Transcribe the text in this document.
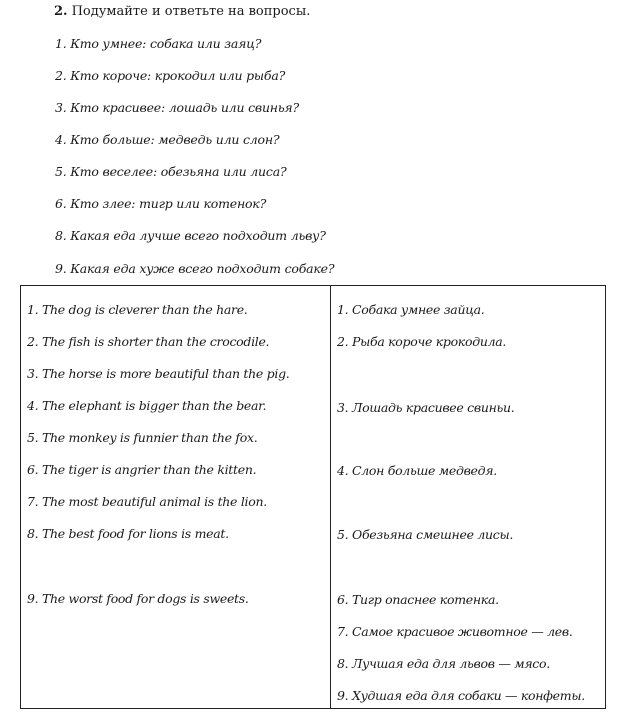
2. Подумайте и ответьте на вопросы.
1. Кто умнее: собака или заяц?
2. Кто короче: крокодил или рыба?
3. Кто красивее: лошадь или свинья?
4. Кто больше: медведь или слон?
5. Кто веселее: обезьяна или лиса?
6. Кто злее: тигр или котенок?
8. Какая еда лучше всего подходит льву?
9. Какая еда хуже всего подходит собаке?
1. The dog is cleverer than the hare.
2. The fish is shorter than the crocodile.
3. The horse is more beautiful than the pig.
4. The elephant is bigger than the bear.
5. The monkey is funnier than the fox.
6. The tiger is angrier than the kitten.
7. The most beautiful animal is the lion.
8. The best food for lions is meat.
9. The worst food for dogs is sweets.
1. Собака умнее зайца.
2. Рыба короче крокодила.
3. Лошадь красивее свиньи.
4. Слон больше медведя.
5. Обезьяна смешнее лисы.
6. Тигр опаснее котенка.
7. Самое красивое животное — лев.
8. Лучшая еда для львов — мясо.
9. Худшая еда для собаки — конфеты.
